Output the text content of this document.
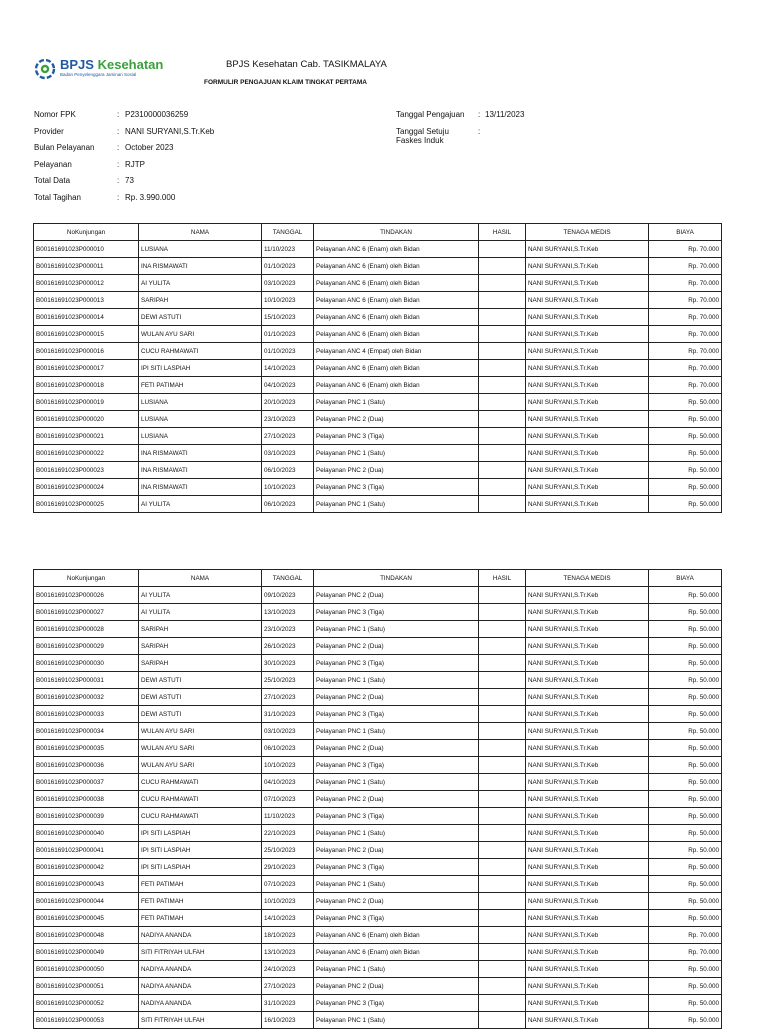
BPJS Kesehatan
Badan Penyelenggara Jaminan Sosial
BPJS Kesehatan Cab. TASIKMALAYA
FORMULIR PENGAJUAN KLAIM TINGKAT PERTAMA
Nomor FPK	: P2310000036259
Provider	: NANI SURYANI,S.Tr.Keb
Bulan Pelayanan	: October 2023
Pelayanan	: RJTP
Total Data	: 73
Total Tagihan	: Rp. 3.990.000
Tanggal Pengajuan : 13/11/2023
Tanggal Setuju Faskes Induk
:
NoKunjungan	NAMA	TANGGAL	TINDAKAN	HASIL	TENAGA MEDIS	BIAYA
B00161691023P000010	LUSIANA	11/10/2023	Pelayanan ANC 6 (Enam) oleh Bidan		NANI SURYANI,S.Tr.Keb	Rp. 70.000
B00161691023P000011	INA RISMAWATI	01/10/2023	Pelayanan ANC 6 (Enam) oleh Bidan		NANI SURYANI,S.Tr.Keb	Rp. 70.000
B00161691023P000012	AI YULITA	03/10/2023	Pelayanan ANC 6 (Enam) oleh Bidan		NANI SURYANI,S.Tr.Keb	Rp. 70.000
B00161691023P000013	SARIPAH	10/10/2023	Pelayanan ANC 6 (Enam) oleh Bidan		NANI SURYANI,S.Tr.Keb	Rp. 70.000
B00161691023P000014	DEWI ASTUTI	15/10/2023	Pelayanan ANC 6 (Enam) oleh Bidan		NANI SURYANI,S.Tr.Keb	Rp. 70.000
B00161691023P000015	WULAN AYU SARI	01/10/2023	Pelayanan ANC 6 (Enam) oleh Bidan		NANI SURYANI,S.Tr.Keb	Rp. 70.000
B00161691023P000016	CUCU RAHMAWATI	01/10/2023	Pelayanan ANC 4 (Empat) oleh Bidan		NANI SURYANI,S.Tr.Keb	Rp. 70.000
B00161691023P000017	IPI SITI LASPIAH	14/10/2023	Pelayanan ANC 6 (Enam) oleh Bidan		NANI SURYANI,S.Tr.Keb	Rp. 70.000
B00161691023P000018	FETI PATIMAH	04/10/2023	Pelayanan ANC 6 (Enam) oleh Bidan		NANI SURYANI,S.Tr.Keb	Rp. 70.000
B00161691023P000019	LUSIANA	20/10/2023	Pelayanan PNC 1 (Satu)		NANI SURYANI,S.Tr.Keb	Rp. 50.000
B00161691023P000020	LUSIANA	23/10/2023	Pelayanan PNC 2 (Dua)		NANI SURYANI,S.Tr.Keb	Rp. 50.000
B00161691023P000021	LUSIANA	27/10/2023	Pelayanan PNC 3 (Tiga)		NANI SURYANI,S.Tr.Keb	Rp. 50.000
B00161691023P000022	INA RISMAWATI	03/10/2023	Pelayanan PNC 1 (Satu)		NANI SURYANI,S.Tr.Keb	Rp. 50.000
B00161691023P000023	INA RISMAWATI	06/10/2023	Pelayanan PNC 2 (Dua)		NANI SURYANI,S.Tr.Keb	Rp. 50.000
B00161691023P000024	INA RISMAWATI	10/10/2023	Pelayanan PNC 3 (Tiga)		NANI SURYANI,S.Tr.Keb	Rp. 50.000
B00161691023P000025	AI YULITA	06/10/2023	Pelayanan PNC 1 (Satu)		NANI SURYANI,S.Tr.Keb	Rp. 50.000
NoKunjungan	NAMA	TANGGAL	TINDAKAN	HASIL	TENAGA MEDIS	BIAYA
B00161691023P000026	AI YULITA	09/10/2023	Pelayanan PNC 2 (Dua)		NANI SURYANI,S.Tr.Keb	Rp. 50.000
B00161691023P000027	AI YULITA	13/10/2023	Pelayanan PNC 3 (Tiga)		NANI SURYANI,S.Tr.Keb	Rp. 50.000
B00161691023P000028	SARIPAH	23/10/2023	Pelayanan PNC 1 (Satu)		NANI SURYANI,S.Tr.Keb	Rp. 50.000
B00161691023P000029	SARIPAH	26/10/2023	Pelayanan PNC 2 (Dua)		NANI SURYANI,S.Tr.Keb	Rp. 50.000
B00161691023P000030	SARIPAH	30/10/2023	Pelayanan PNC 3 (Tiga)		NANI SURYANI,S.Tr.Keb	Rp. 50.000
B00161691023P000031	DEWI ASTUTI	25/10/2023	Pelayanan PNC 1 (Satu)		NANI SURYANI,S.Tr.Keb	Rp. 50.000
B00161691023P000032	DEWI ASTUTI	27/10/2023	Pelayanan PNC 2 (Dua)		NANI SURYANI,S.Tr.Keb	Rp. 50.000
B00161691023P000033	DEWI ASTUTI	31/10/2023	Pelayanan PNC 3 (Tiga)		NANI SURYANI,S.Tr.Keb	Rp. 50.000
B00161691023P000034	WULAN AYU SARI	03/10/2023	Pelayanan PNC 1 (Satu)		NANI SURYANI,S.Tr.Keb	Rp. 50.000
B00161691023P000035	WULAN AYU SARI	06/10/2023	Pelayanan PNC 2 (Dua)		NANI SURYANI,S.Tr.Keb	Rp. 50.000
B00161691023P000036	WULAN AYU SARI	10/10/2023	Pelayanan PNC 3 (Tiga)		NANI SURYANI,S.Tr.Keb	Rp. 50.000
B00161691023P000037	CUCU RAHMAWATI	04/10/2023	Pelayanan PNC 1 (Satu)		NANI SURYANI,S.Tr.Keb	Rp. 50.000
B00161691023P000038	CUCU RAHMAWATI	07/10/2023	Pelayanan PNC 2 (Dua)		NANI SURYANI,S.Tr.Keb	Rp. 50.000
B00161691023P000039	CUCU RAHMAWATI	11/10/2023	Pelayanan PNC 3 (Tiga)		NANI SURYANI,S.Tr.Keb	Rp. 50.000
B00161691023P000040	IPI SITI LASPIAH	22/10/2023	Pelayanan PNC 1 (Satu)		NANI SURYANI,S.Tr.Keb	Rp. 50.000
B00161691023P000041	IPI SITI LASPIAH	25/10/2023	Pelayanan PNC 2 (Dua)		NANI SURYANI,S.Tr.Keb	Rp. 50.000
B00161691023P000042	IPI SITI LASPIAH	29/10/2023	Pelayanan PNC 3 (Tiga)		NANI SURYANI,S.Tr.Keb	Rp. 50.000
B00161691023P000043	FETI PATIMAH	07/10/2023	Pelayanan PNC 1 (Satu)		NANI SURYANI,S.Tr.Keb	Rp. 50.000
B00161691023P000044	FETI PATIMAH	10/10/2023	Pelayanan PNC 2 (Dua)		NANI SURYANI,S.Tr.Keb	Rp. 50.000
B00161691023P000045	FETI PATIMAH	14/10/2023	Pelayanan PNC 3 (Tiga)		NANI SURYANI,S.Tr.Keb	Rp. 50.000
B00161691023P000048	NADIYA ANANDA	18/10/2023	Pelayanan ANC 6 (Enam) oleh Bidan		NANI SURYANI,S.Tr.Keb	Rp. 70.000
B00161691023P000049	SITI FITRIYAH ULFAH	13/10/2023	Pelayanan ANC 6 (Enam) oleh Bidan		NANI SURYANI,S.Tr.Keb	Rp. 70.000
B00161691023P000050	NADIYA ANANDA	24/10/2023	Pelayanan PNC 1 (Satu)		NANI SURYANI,S.Tr.Keb	Rp. 50.000
B00161691023P000051	NADIYA ANANDA	27/10/2023	Pelayanan PNC 2 (Dua)		NANI SURYANI,S.Tr.Keb	Rp. 50.000
B00161691023P000052	NADIYA ANANDA	31/10/2023	Pelayanan PNC 3 (Tiga)		NANI SURYANI,S.Tr.Keb	Rp. 50.000
B00161691023P000053	SITI FITRIYAH ULFAH	16/10/2023	Pelayanan PNC 1 (Satu)		NANI SURYANI,S.Tr.Keb	Rp. 50.000
